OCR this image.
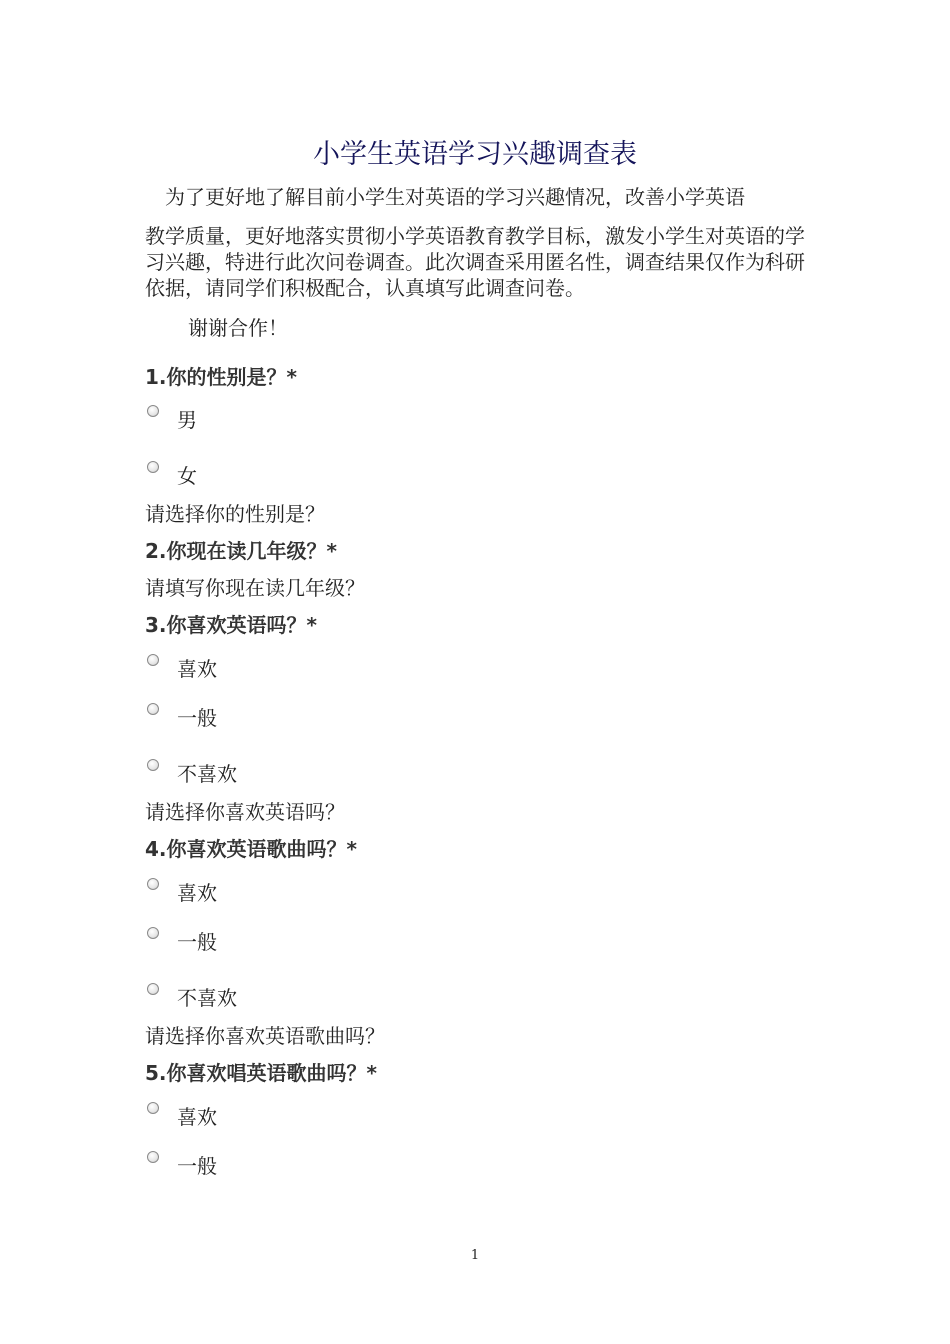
小学生英语学习兴趣调查表

为了更好地了解目前小学生对英语的学习兴趣情况，改善小学英语

教学质量，更好地落实贯彻小学英语教育教学目标，激发小学生对英语的学习兴趣，特进行此次问卷调查。此次调查采用匿名性，调查结果仅作为科研依据，请同学们积极配合，认真填写此调查问卷。

谢谢合作！
1.你的性别是？*
男
女
请选择你的性别是？
2.你现在读几年级？*
请填写你现在读几年级？
3.你喜欢英语吗？*
喜欢
一般
不喜欢
请选择你喜欢英语吗？
4.你喜欢英语歌曲吗？*
喜欢
一般
不喜欢
请选择你喜欢英语歌曲吗？
5.你喜欢唱英语歌曲吗？*
喜欢
一般
1
